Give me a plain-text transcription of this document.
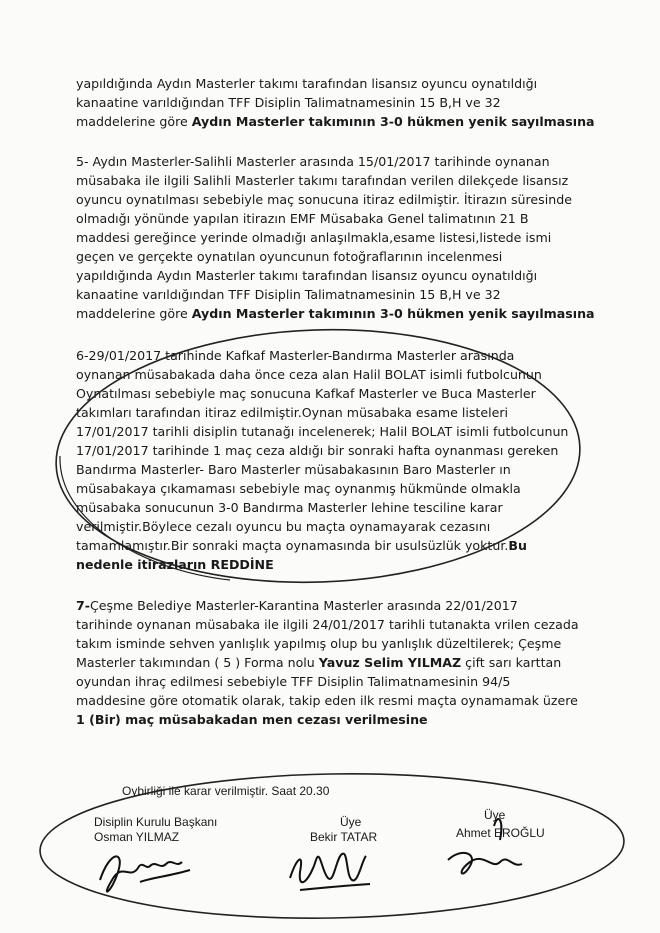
yapıldığında Aydın Masterler takımı tarafından lisansız oyuncu oynatıldığı
kanaatine varıldığından TFF Disiplin Talimatnamesinin 15 B,H ve 32
maddelerine göre Aydın Masterler takımının 3-0 hükmen yenik sayılmasına
5- Aydın Masterler-Salihli Masterler arasında 15/01/2017 tarihinde oynanan
müsabaka ile ilgili Salihli Masterler takımı tarafından verilen dilekçede lisansız
oyuncu oynatılması sebebiyle maç sonucuna itiraz edilmiştir. İtirazın süresinde
olmadığı yönünde yapılan itirazın EMF Müsabaka Genel talimatının 21 B
maddesi gereğince yerinde olmadığı anlaşılmakla,esame listesi,listede ismi
geçen ve gerçekte oynatılan oyuncunun fotoğraflarının incelenmesi
yapıldığında Aydın Masterler takımı tarafından lisansız oyuncu oynatıldığı
kanaatine varıldığından TFF Disiplin Talimatnamesinin 15 B,H ve 32
maddelerine göre Aydın Masterler takımının 3-0 hükmen yenik sayılmasına
6-29/01/2017 tarihinde Kafkaf Masterler-Bandırma Masterler arasında
oynanan müsabakada daha önce ceza alan Halil BOLAT isimli futbolcunun
Oynatılması sebebiyle maç sonucuna Kafkaf Masterler ve Buca Masterler
takımları tarafından itiraz edilmiştir.Oynan müsabaka esame listeleri
17/01/2017 tarihli disiplin tutanağı incelenerek; Halil BOLAT isimli futbolcunun
17/01/2017 tarihinde 1 maç ceza aldığı bir sonraki hafta oynanması gereken
Bandırma Masterler- Baro Masterler müsabakasının Baro Masterler ın
müsabakaya çıkamaması sebebiyle maç oynanmış hükmünde olmakla
müsabaka sonucunun 3-0 Bandırma Masterler lehine tesciline karar
verilmiştir.Böylece cezalı oyuncu bu maçta oynamayarak cezasını
tamamlamıştır.Bir sonraki maçta oynamasında bir usulsüzlük yoktur.Bu
nedenle itirazların REDDİNE
7-Çeşme Belediye Masterler-Karantina Masterler arasında 22/01/2017
tarihinde oynanan müsabaka ile ilgili 24/01/2017 tarihli tutanakta vrilen cezada
takım isminde sehven yanlışlık yapılmış olup bu yanlışlık düzeltilerek; Çeşme
Masterler takımından ( 5 ) Forma nolu Yavuz Selim YILMAZ çift sarı karttan
oyundan ihraç edilmesi sebebiyle TFF Disiplin Talimatnamesinin 94/5
maddesine göre otomatik olarak, takip eden ilk resmi maçta oynamamak üzere
1 (Bir) maç müsabakadan men cezası verilmesine
Oybirliği ile karar verilmiştir. Saat 20.30
Disiplin Kurulu Başkanı
Osman YILMAZ
Üye
Bekir TATAR
Üye
Ahmet EROĞLU
